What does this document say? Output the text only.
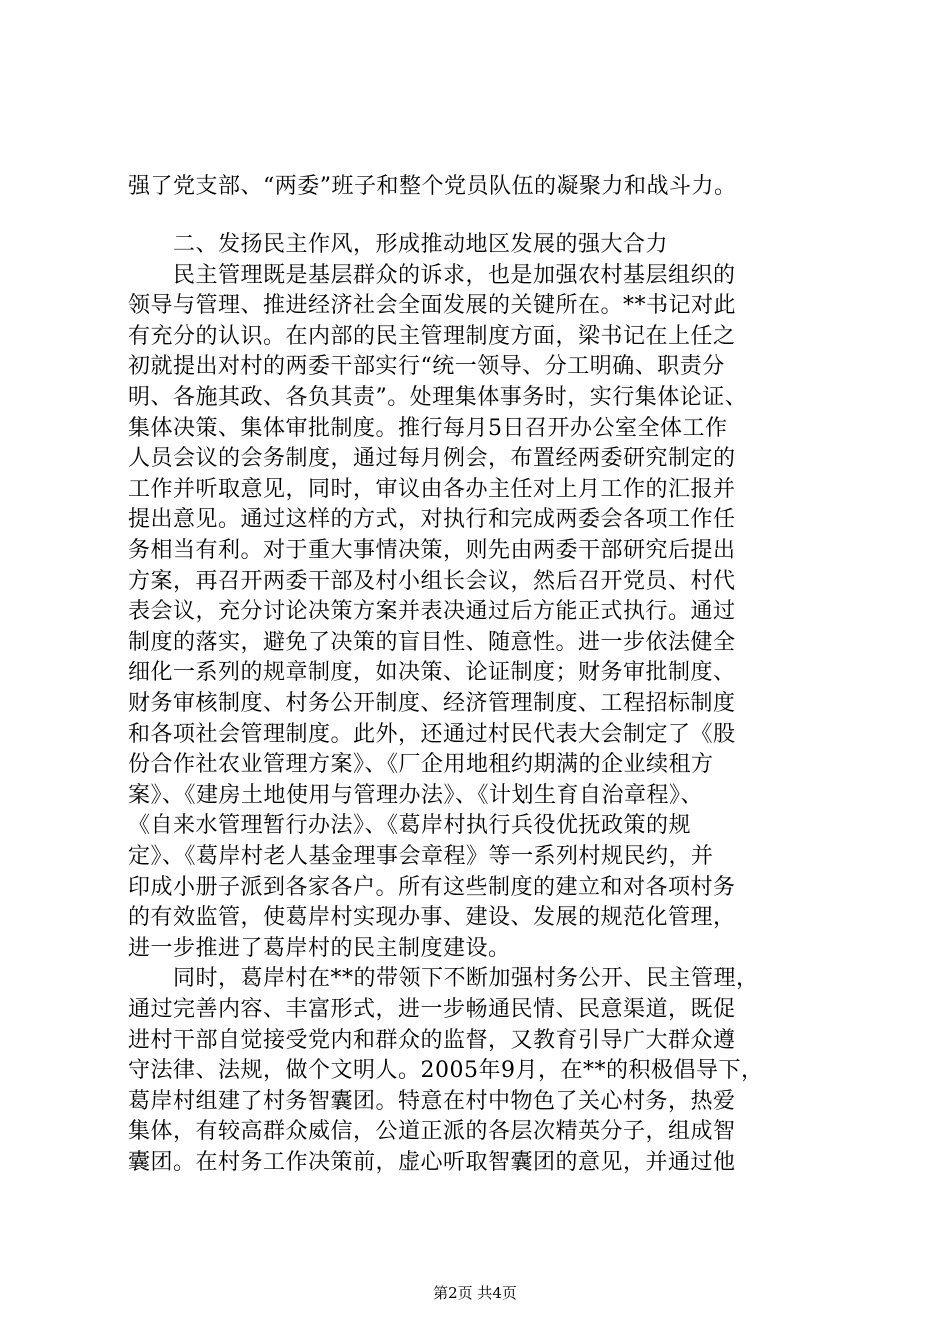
强了党支部、“两委”班子和整个党员队伍的凝聚力和战斗力。
　　二、发扬民主作风，形成推动地区发展的强大合力
　　民主管理既是基层群众的诉求，也是加强农村基层组织的
领导与管理、推进经济社会全面发展的关键所在。**书记对此
有充分的认识。在内部的民主管理制度方面，梁书记在上任之
初就提出对村的两委干部实行“统一领导、分工明确、职责分
明、各施其政、各负其责”。处理集体事务时，实行集体论证、
集体决策、集体审批制度。推行每月5日召开办公室全体工作
人员会议的会务制度，通过每月例会，布置经两委研究制定的
工作并听取意见，同时，审议由各办主任对上月工作的汇报并
提出意见。通过这样的方式，对执行和完成两委会各项工作任
务相当有利。对于重大事情决策，则先由两委干部研究后提出
方案，再召开两委干部及村小组长会议，然后召开党员、村代
表会议，充分讨论决策方案并表决通过后方能正式执行。通过
制度的落实，避免了决策的盲目性、随意性。进一步依法健全
细化一系列的规章制度，如决策、论证制度；财务审批制度、
财务审核制度、村务公开制度、经济管理制度、工程招标制度
和各项社会管理制度。此外，还通过村民代表大会制定了《股
份合作社农业管理方案》、《厂企用地租约期满的企业续租方
案》、《建房土地使用与管理办法》、《计划生育自治章程》、
《自来水管理暂行办法》、《葛岸村执行兵役优抚政策的规
定》、《葛岸村老人基金理事会章程》等一系列村规民约，并
印成小册子派到各家各户。所有这些制度的建立和对各项村务
的有效监管，使葛岸村实现办事、建设、发展的规范化管理，
进一步推进了葛岸村的民主制度建设。
　　同时，葛岸村在**的带领下不断加强村务公开、民主管理，
通过完善内容、丰富形式，进一步畅通民情、民意渠道，既促
进村干部自觉接受党内和群众的监督，又教育引导广大群众遵
守法律、法规，做个文明人。2005年9月，在**的积极倡导下，
葛岸村组建了村务智囊团。特意在村中物色了关心村务，热爱
集体，有较高群众威信，公道正派的各层次精英分子，组成智
囊团。在村务工作决策前，虚心听取智囊团的意见，并通过他
第2页 共4页
